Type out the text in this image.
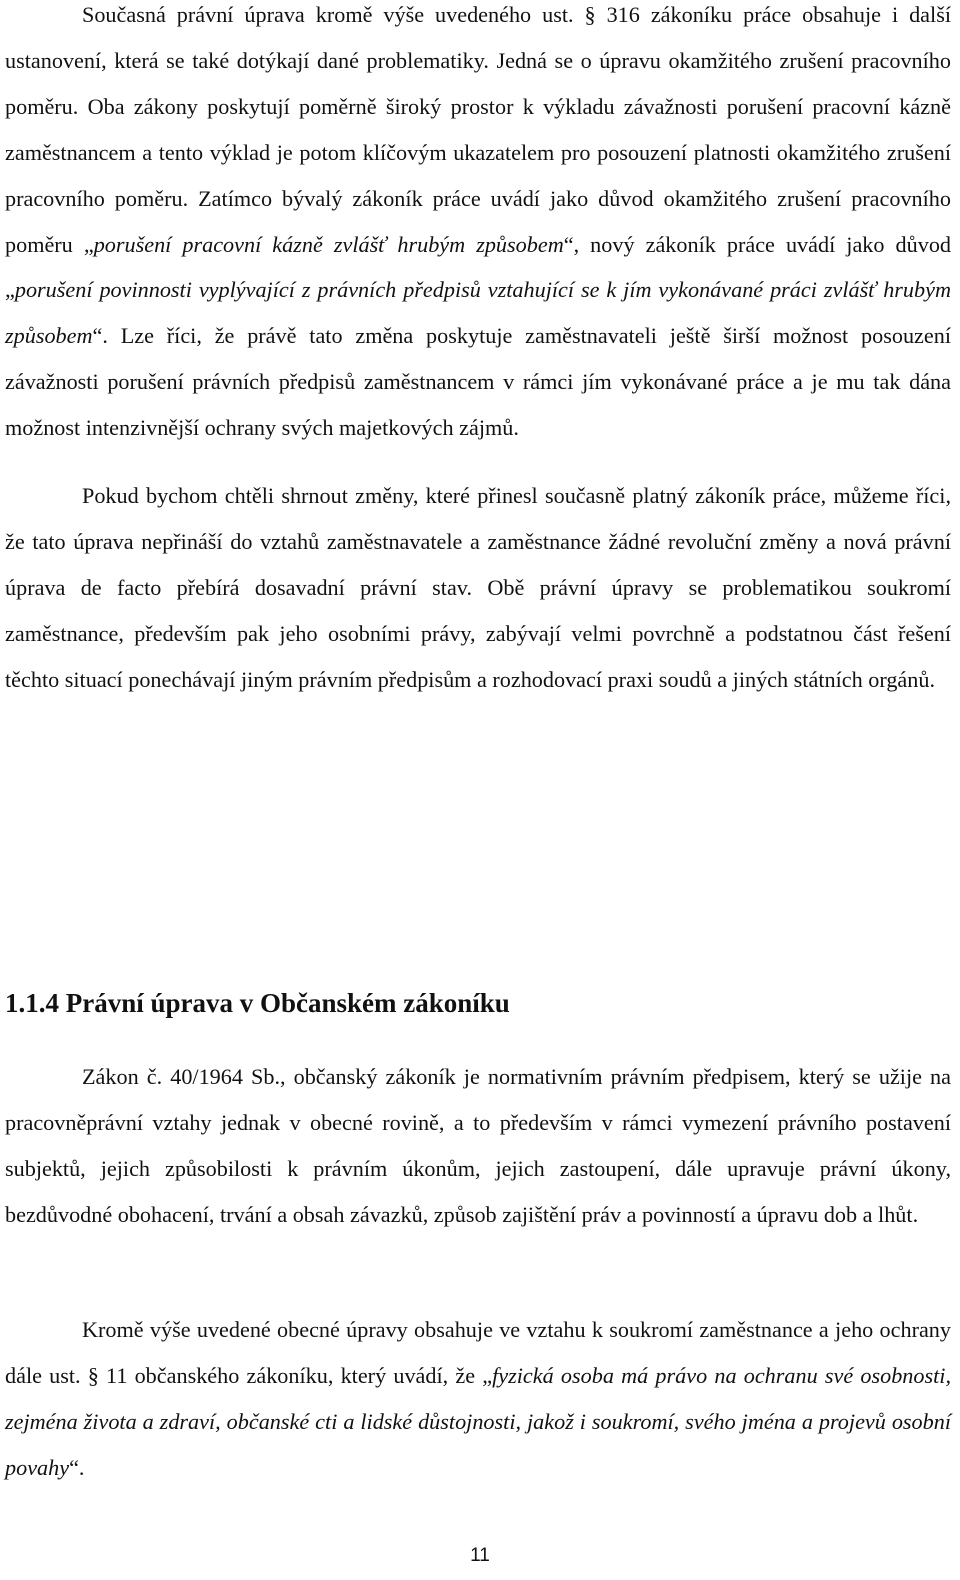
Současná právní úprava kromě výše uvedeného ust. § 316 zákoníku práce obsahuje i další ustanovení, která se také dotýkají dané problematiky. Jedná se o úpravu okamžitého zrušení pracovního poměru. Oba zákony poskytují poměrně široký prostor k výkladu závažnosti porušení pracovní kázně zaměstnancem a tento výklad je potom klíčovým ukazatelem pro posouzení platnosti okamžitého zrušení pracovního poměru. Zatímco bývalý zákoník práce uvádí jako důvod okamžitého zrušení pracovního poměru „porušení pracovní kázně zvlášť hrubým způsobem“, nový zákoník práce uvádí jako důvod „porušení povinnosti vyplývající z právních předpisů vztahující se k jím vykonávané práci zvlášť hrubým způsobem“. Lze říci, že právě tato změna poskytuje zaměstnavateli ještě širší možnost posouzení závažnosti porušení právních předpisů zaměstnancem v rámci jím vykonávané práce a je mu tak dána možnost intenzivnější ochrany svých majetkových zájmů.

Pokud bychom chtěli shrnout změny, které přinesl současně platný zákoník práce, můžeme říci, že tato úprava nepřináší do vztahů zaměstnavatele a zaměstnance žádné revoluční změny a nová právní úprava de facto přebírá dosavadní právní stav. Obě právní úpravy se problematikou soukromí zaměstnance, především pak jeho osobními právy, zabývají velmi povrchně a podstatnou část řešení těchto situací ponechávají jiným právním předpisům a rozhodovací praxi soudů a jiných státních orgánů.

1.1.4 Právní úprava v Občanském zákoníku

Zákon č. 40/1964 Sb., občanský zákoník je normativním právním předpisem, který se užije na pracovněprávní vztahy jednak v obecné rovině, a to především v rámci vymezení právního postavení subjektů, jejich způsobilosti k právním úkonům, jejich zastoupení, dále upravuje právní úkony, bezdůvodné obohacení, trvání a obsah závazků, způsob zajištění práv a povinností a úpravu dob a lhůt.

Kromě výše uvedené obecné úpravy obsahuje ve vztahu k soukromí zaměstnance a jeho ochrany dále ust. § 11 občanského zákoníku, který uvádí, že „fyzická osoba má právo na ochranu své osobnosti, zejména života a zdraví, občanské cti a lidské důstojnosti, jakož i soukromí, svého jména a projevů osobní povahy“.

11
